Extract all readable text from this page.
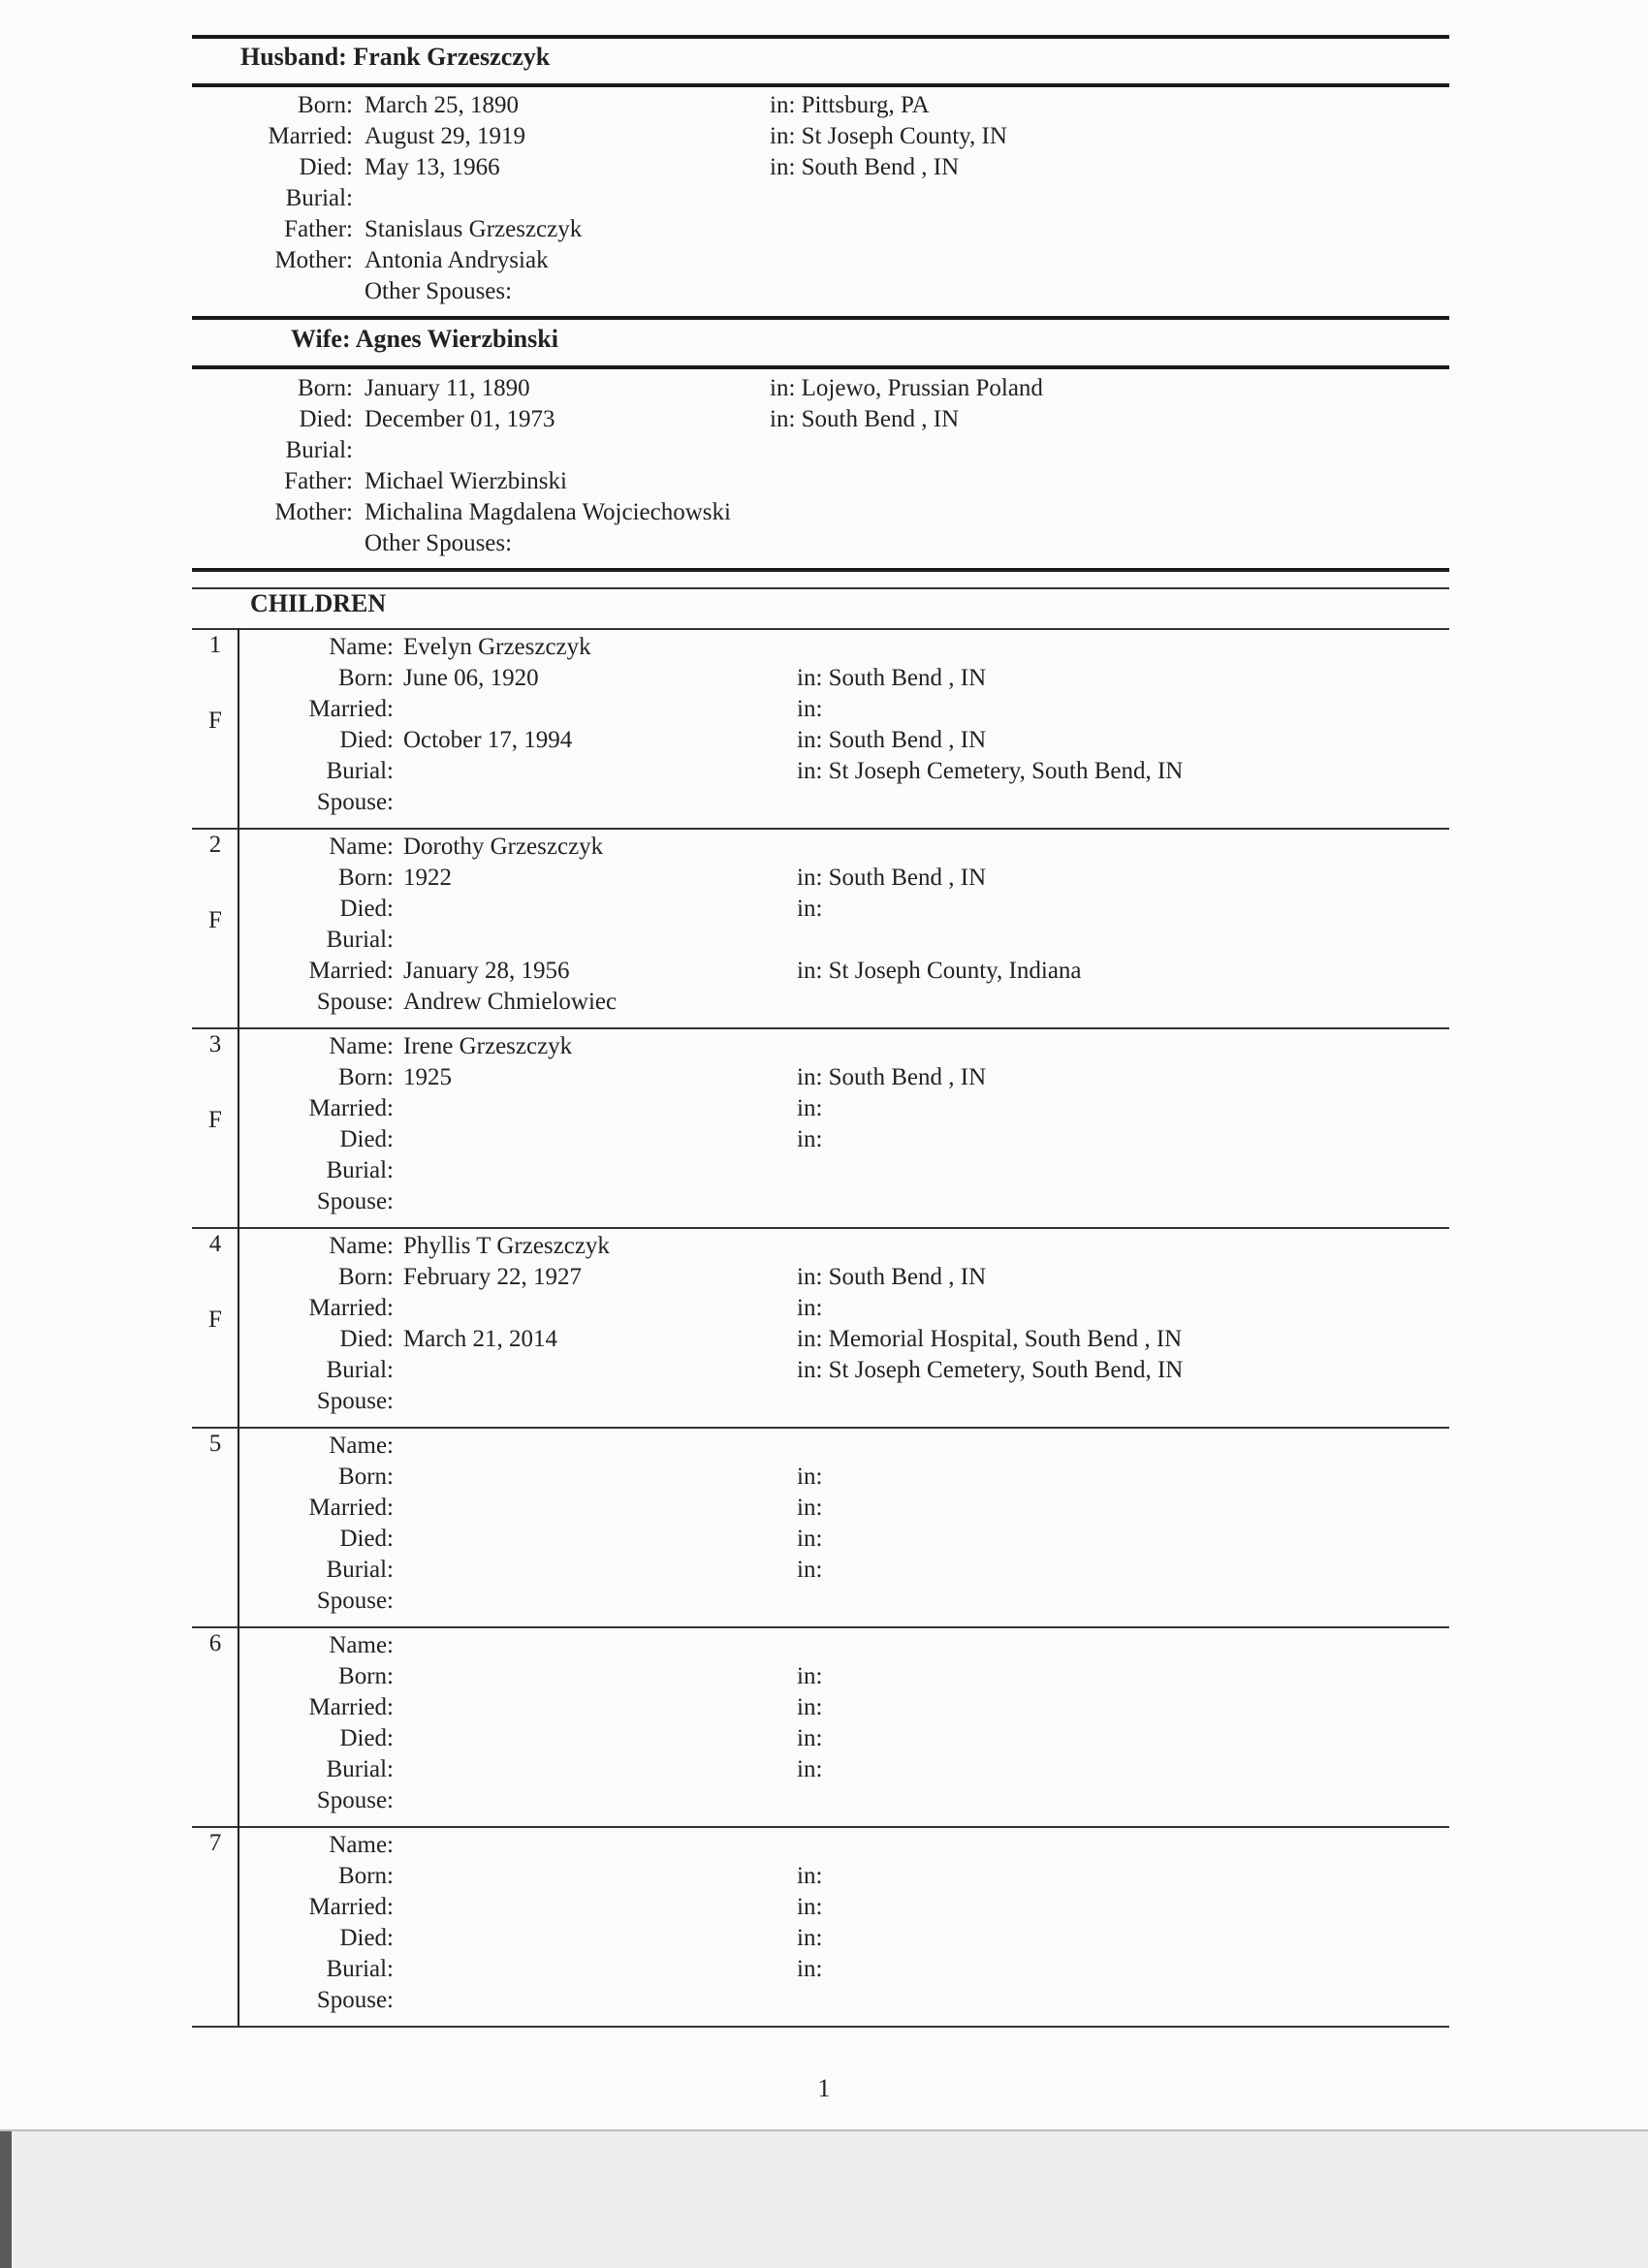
Husband: Frank Grzeszczyk
Born: March 25, 1890	in: Pittsburg, PA
Married: August 29, 1919	in: St Joseph County, IN
Died: May 13, 1966	in: South Bend , IN
Burial:
Father: Stanislaus Grzeszczyk
Mother: Antonia Andrysiak
Other Spouses:
Wife: Agnes Wierzbinski
Born: January 11, 1890	in: Lojewo, Prussian Poland
Died: December 01, 1973	in: South Bend , IN
Burial:
Father: Michael Wierzbinski
Mother: Michalina Magdalena Wojciechowski
Other Spouses:
CHILDREN
1
F
Name: Evelyn Grzeszczyk
Born: June 06, 1920	in: South Bend , IN
Married:	in:
Died: October 17, 1994	in: South Bend , IN
Burial:	in: St Joseph Cemetery, South Bend, IN
Spouse:
2
F
Name: Dorothy Grzeszczyk
Born: 1922	in: South Bend , IN
Died:	in:
Burial:
Married: January 28, 1956	in: St Joseph County, Indiana
Spouse: Andrew Chmielowiec
3
F
Name: Irene Grzeszczyk
Born: 1925	in: South Bend , IN
Married:	in:
Died:	in:
Burial:
Spouse:
4
F
Name: Phyllis T Grzeszczyk
Born: February 22, 1927	in: South Bend , IN
Married:	in:
Died: March 21, 2014	in: Memorial Hospital, South Bend , IN
Burial:	in: St Joseph Cemetery, South Bend, IN
Spouse:
5	Name:
Born:	in:
Married:	in:
Died:	in:
Burial:	in:
Spouse:
6	Name:
Born:	in:
Married:	in:
Died:	in:
Burial:	in:
Spouse:
7	Name:
Born:	in:
Married:	in:
Died:	in:
Burial:	in:
Spouse:
1
